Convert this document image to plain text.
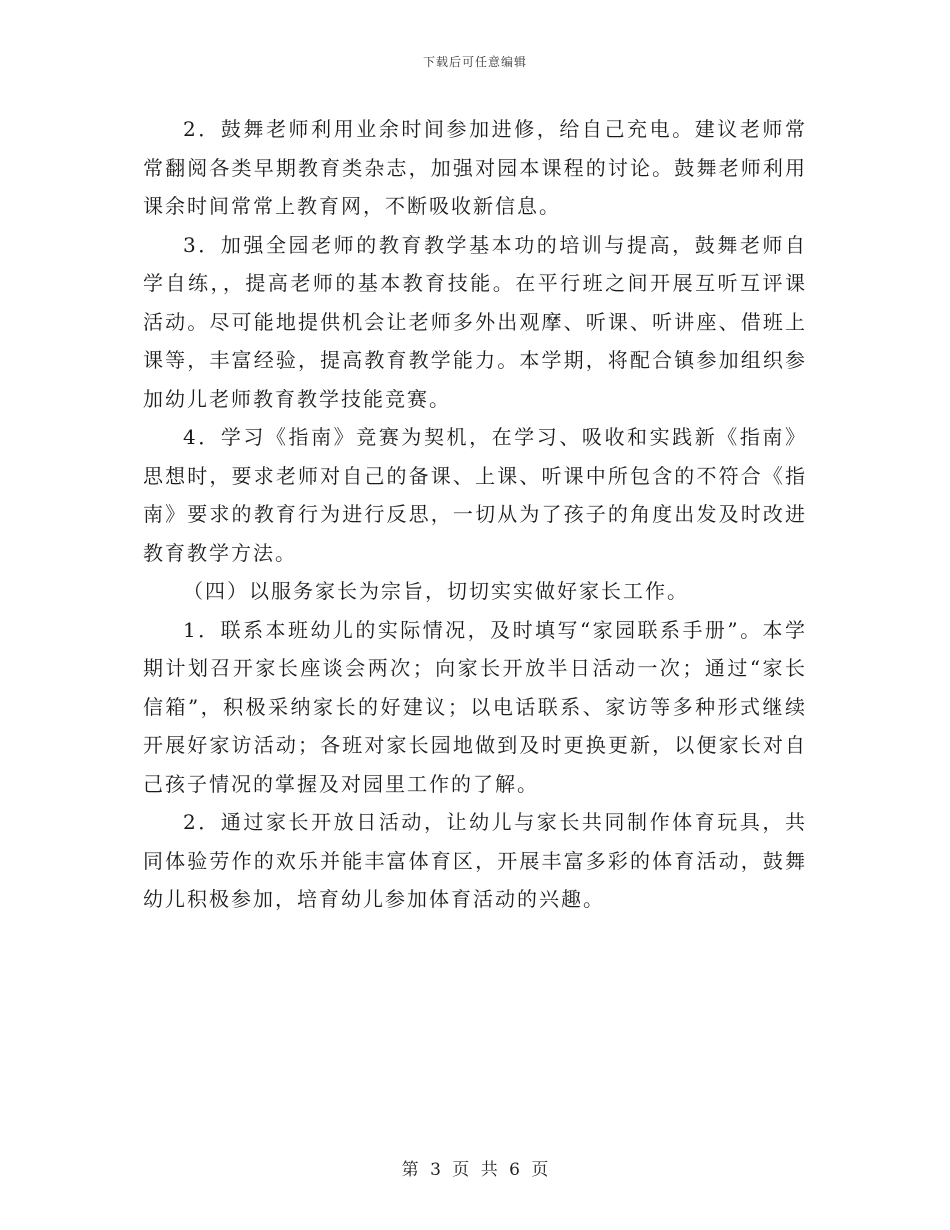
下载后可任意编辑

2．鼓舞老师利用业余时间参加进修，给自己充电。建议老师常常翻阅各类早期教育类杂志，加强对园本课程的讨论。鼓舞老师利用课余时间常常上教育网，不断吸收新信息。

3．加强全园老师的教育教学基本功的培训与提高，鼓舞老师自学自练，，提高老师的基本教育技能。在平行班之间开展互听互评课活动。尽可能地提供机会让老师多外出观摩、听课、听讲座、借班上课等，丰富经验，提高教育教学能力。本学期，将配合镇参加组织参加幼儿老师教育教学技能竞赛。

4．学习《指南》竞赛为契机，在学习、吸收和实践新《指南》思想时，要求老师对自己的备课、上课、听课中所包含的不符合《指南》要求的教育行为进行反思，一切从为了孩子的角度出发及时改进教育教学方法。

（四）以服务家长为宗旨，切切实实做好家长工作。

1．联系本班幼儿的实际情况，及时填写“家园联系手册”。本学期计划召开家长座谈会两次；向家长开放半日活动一次；通过“家长信箱”，积极采纳家长的好建议；以电话联系、家访等多种形式继续开展好家访活动；各班对家长园地做到及时更换更新，以便家长对自己孩子情况的掌握及对园里工作的了解。

2．通过家长开放日活动，让幼儿与家长共同制作体育玩具，共同体验劳作的欢乐并能丰富体育区，开展丰富多彩的体育活动，鼓舞幼儿积极参加，培育幼儿参加体育活动的兴趣。

第 3 页 共 6 页
